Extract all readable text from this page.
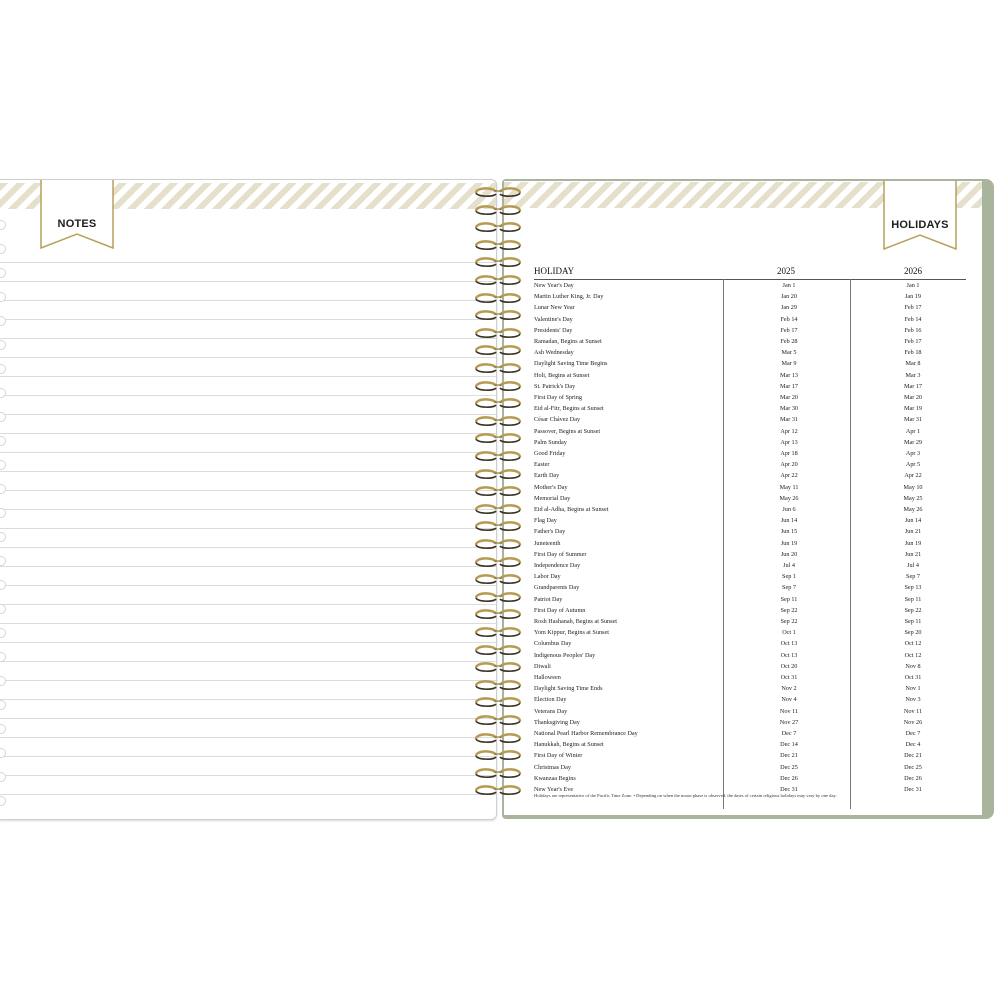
NOTES	HOLIDAYS
HOLIDAY	2025	2026
New Year's Day	Jan 1	Jan 1
Martin Luther King, Jr. Day	Jan 20	Jan 19
Lunar New Year	Jan 29	Feb 17
Valentine's Day	Feb 14	Feb 14
Presidents' Day	Feb 17	Feb 16
Ramadan, Begins at Sunset	Feb 28	Feb 17
Ash Wednesday	Mar 5	Feb 18
Daylight Saving Time Begins	Mar 9	Mar 8
Holi, Begins at Sunset	Mar 13	Mar 3
St. Patrick's Day	Mar 17	Mar 17
First Day of Spring	Mar 20	Mar 20
Eid al-Fitr, Begins at Sunset	Mar 30	Mar 19
César Chávez Day	Mar 31	Mar 31
Passover, Begins at Sunset	Apr 12	Apr 1
Palm Sunday	Apr 13	Mar 29
Good Friday	Apr 18	Apr 3
Easter	Apr 20	Apr 5
Earth Day	Apr 22	Apr 22
Mother's Day	May 11	May 10
Memorial Day	May 26	May 25
Eid al-Adha, Begins at Sunset	Jun 6	May 26
Flag Day	Jun 14	Jun 14
Father's Day	Jun 15	Jun 21
Juneteenth	Jun 19	Jun 19
First Day of Summer	Jun 20	Jun 21
Independence Day	Jul 4	Jul 4
Labor Day	Sep 1	Sep 7
Grandparents Day	Sep 7	Sep 13
Patriot Day	Sep 11	Sep 11
First Day of Autumn	Sep 22	Sep 22
Rosh Hashanah, Begins at Sunset	Sep 22	Sep 11
Yom Kippur, Begins at Sunset	Oct 1	Sep 20
Columbus Day	Oct 13	Oct 12
Indigenous Peoples' Day	Oct 13	Oct 12
Diwali	Oct 20	Nov 8
Halloween	Oct 31	Oct 31
Daylight Saving Time Ends	Nov 2	Nov 1
Election Day	Nov 4	Nov 3
Veterans Day	Nov 11	Nov 11
Thanksgiving Day	Nov 27	Nov 26
National Pearl Harbor Remembrance Day	Dec 7	Dec 7
Hanukkah, Begins at Sunset	Dec 14	Dec 4
First Day of Winter	Dec 21	Dec 21
Christmas Day	Dec 25	Dec 25
Kwanzaa Begins	Dec 26	Dec 26
New Year's Eve	Dec 31	Dec 31
Holidays are representative of the Pacific Time Zone. • Depending on when the moon phase is observed, the dates of certain religious holidays may vary by one day.
